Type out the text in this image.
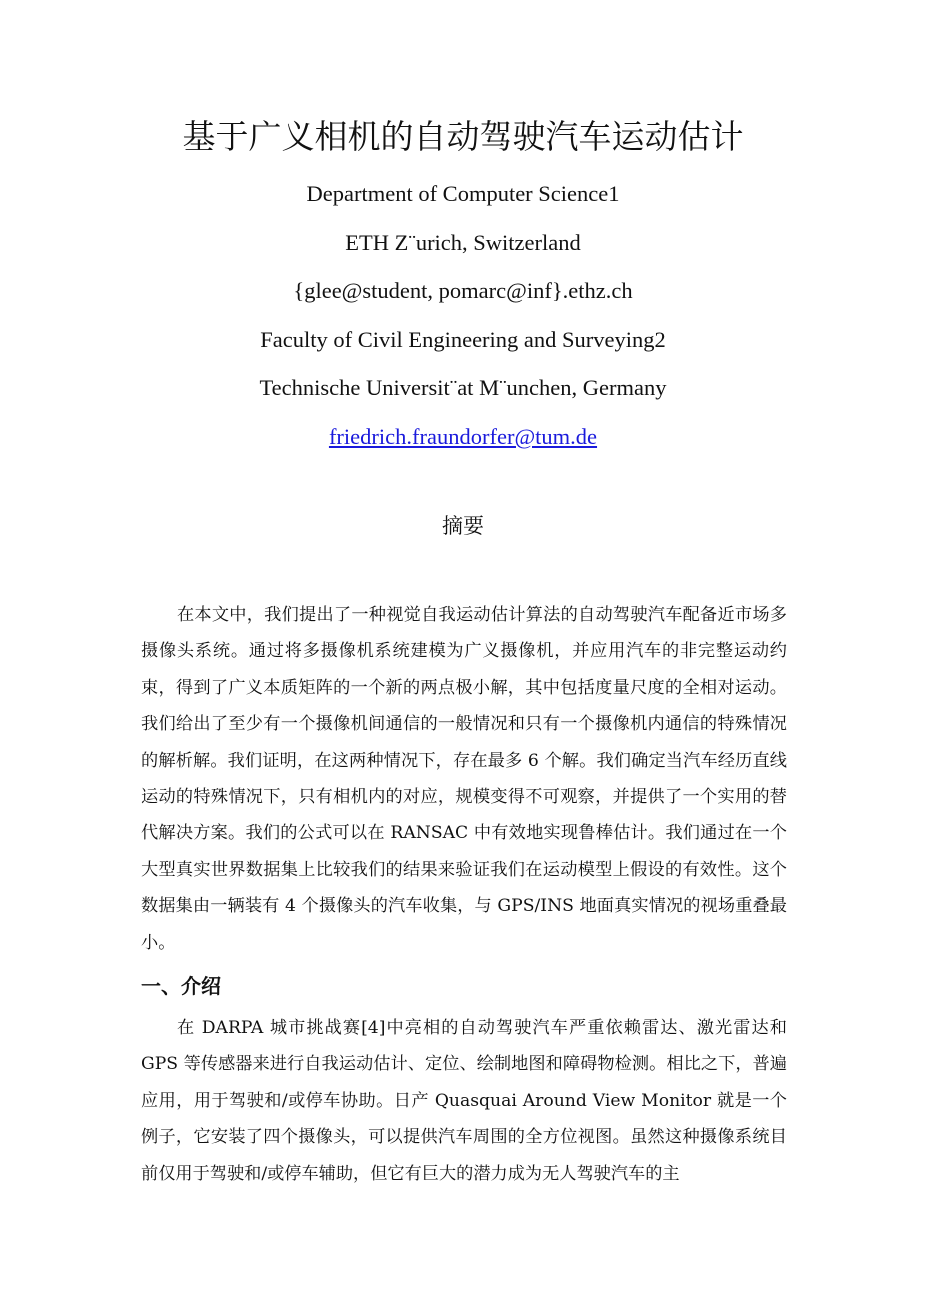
基于广义相机的自动驾驶汽车运动估计
Department of Computer Science1
ETH Z¨urich, Switzerland
{glee@student, pomarc@inf}.ethz.ch
Faculty of Civil Engineering and Surveying2
Technische Universit¨at M¨unchen, Germany
friedrich.fraundorfer@tum.de
摘要

在本文中，我们提出了一种视觉自我运动估计算法的自动驾驶汽车配备近市场多摄像头系统。通过将多摄像机系统建模为广义摄像机，并应用汽车的非完整运动约束，得到了广义本质矩阵的一个新的两点极小解，其中包括度量尺度的全相对运动。我们给出了至少有一个摄像机间通信的一般情况和只有一个摄像机内通信的特殊情况的解析解。我们证明，在这两种情况下，存在最多 6 个解。我们确定当汽车经历直线运动的特殊情况下，只有相机内的对应，规模变得不可观察，并提供了一个实用的替代解决方案。我们的公式可以在 RANSAC 中有效地实现鲁棒估计。我们通过在一个大型真实世界数据集上比较我们的结果来验证我们在运动模型上假设的有效性。这个数据集由一辆装有 4 个摄像头的汽车收集，与 GPS/INS 地面真实情况的视场重叠最小。

一、介绍

在 DARPA 城市挑战赛[4]中亮相的自动驾驶汽车严重依赖雷达、激光雷达和 GPS 等传感器来进行自我运动估计、定位、绘制地图和障碍物检测。相比之下，普遍应用，用于驾驶和/或停车协助。日产 Quasquai Around View Monitor 就是一个例子，它安装了四个摄像头，可以提供汽车周围的全方位视图。虽然这种摄像系统目前仅用于驾驶和/或停车辅助，但它有巨大的潜力成为无人驾驶汽车的主
